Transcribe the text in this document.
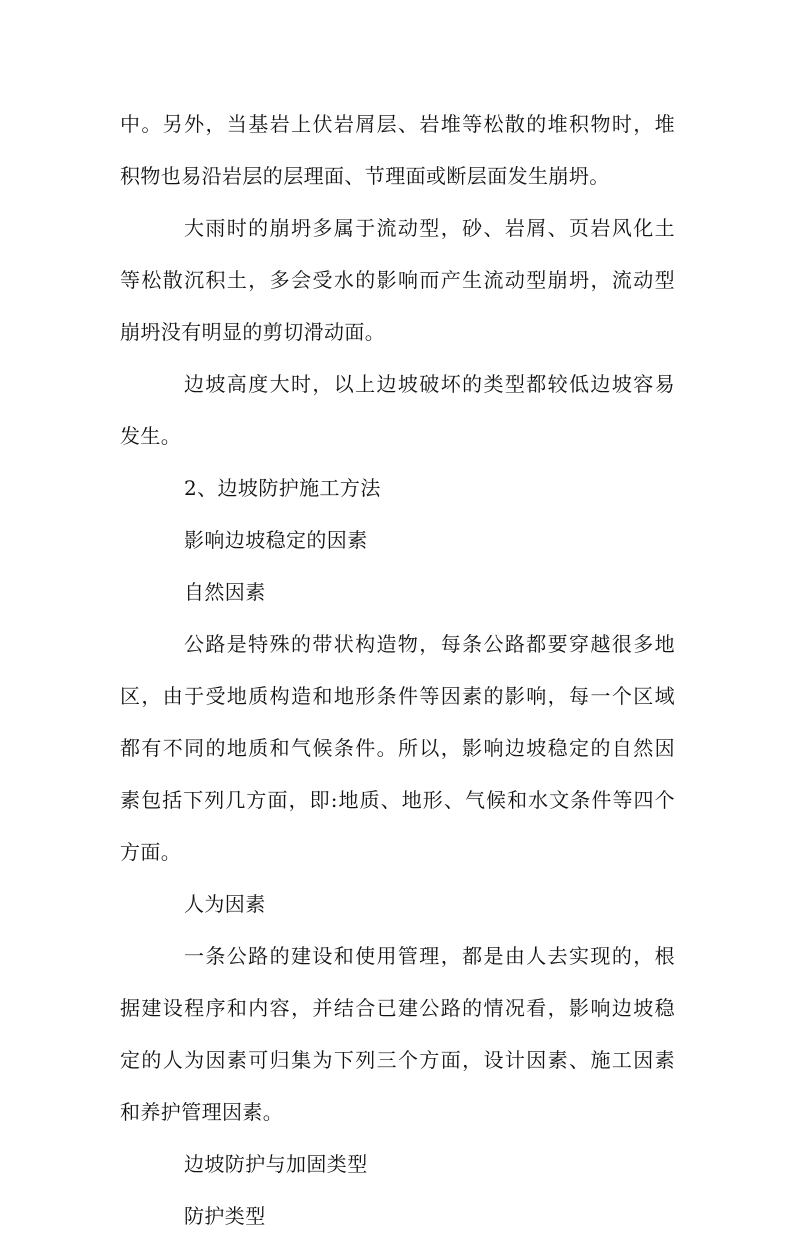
中。另外，当基岩上伏岩屑层、岩堆等松散的堆积物时，堆
积物也易沿岩层的层理面、节理面或断层面发生崩坍。
大雨时的崩坍多属于流动型，砂、岩屑、页岩风化土
等松散沉积土，多会受水的影响而产生流动型崩坍，流动型
崩坍没有明显的剪切滑动面。
边坡高度大时，以上边坡破坏的类型都较低边坡容易
发生。
2、边坡防护施工方法
影响边坡稳定的因素
自然因素
公路是特殊的带状构造物，每条公路都要穿越很多地
区，由于受地质构造和地形条件等因素的影响，每一个区域
都有不同的地质和气候条件。所以，影响边坡稳定的自然因
素包括下列几方面，即:地质、地形、气候和水文条件等四个
方面。
人为因素
一条公路的建设和使用管理，都是由人去实现的，根
据建设程序和内容，并结合已建公路的情况看，影响边坡稳
定的人为因素可归集为下列三个方面，设计因素、施工因素
和养护管理因素。
边坡防护与加固类型
防护类型
